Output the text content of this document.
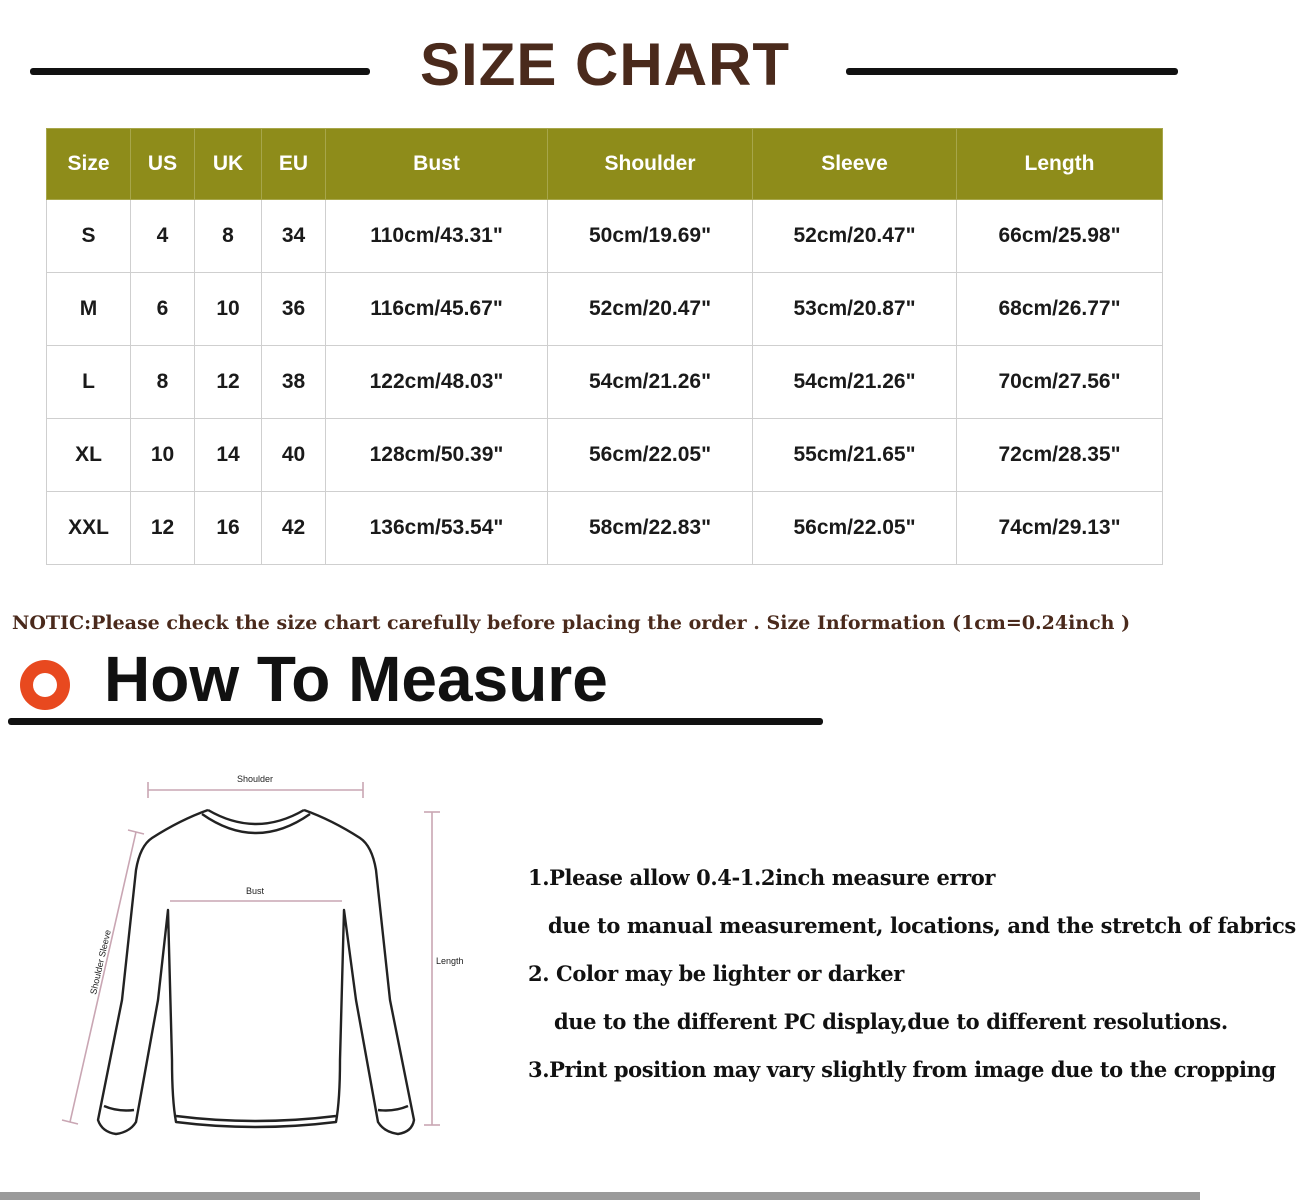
SIZE CHART
Size	US	UK	EU	Bust	Shoulder	Sleeve	Length
S	4	8	34	110cm/43.31"	50cm/19.69"	52cm/20.47"	66cm/25.98"
M	6	10	36	116cm/45.67"	52cm/20.47"	53cm/20.87"	68cm/26.77"
L	8	12	38	122cm/48.03"	54cm/21.26"	54cm/21.26"	70cm/27.56"
XL	10	14	40	128cm/50.39"	56cm/22.05"	55cm/21.65"	72cm/28.35"
XXL	12	16	42	136cm/53.54"	58cm/22.83"	56cm/22.05"	74cm/29.13"
NOTIC:Please check the size chart carefully before placing the order . Size Information (1cm=0.24inch )
How To Measure
Shoulder
Length
Shoulder Sleeve
Bust
1.Please allow 0.4-1.2inch measure error
due to manual measurement, locations, and the stretch of fabrics
2. Color may be lighter or darker
due to the different PC display,due to different resolutions.
3.Print position may vary slightly from image due to the cropping
